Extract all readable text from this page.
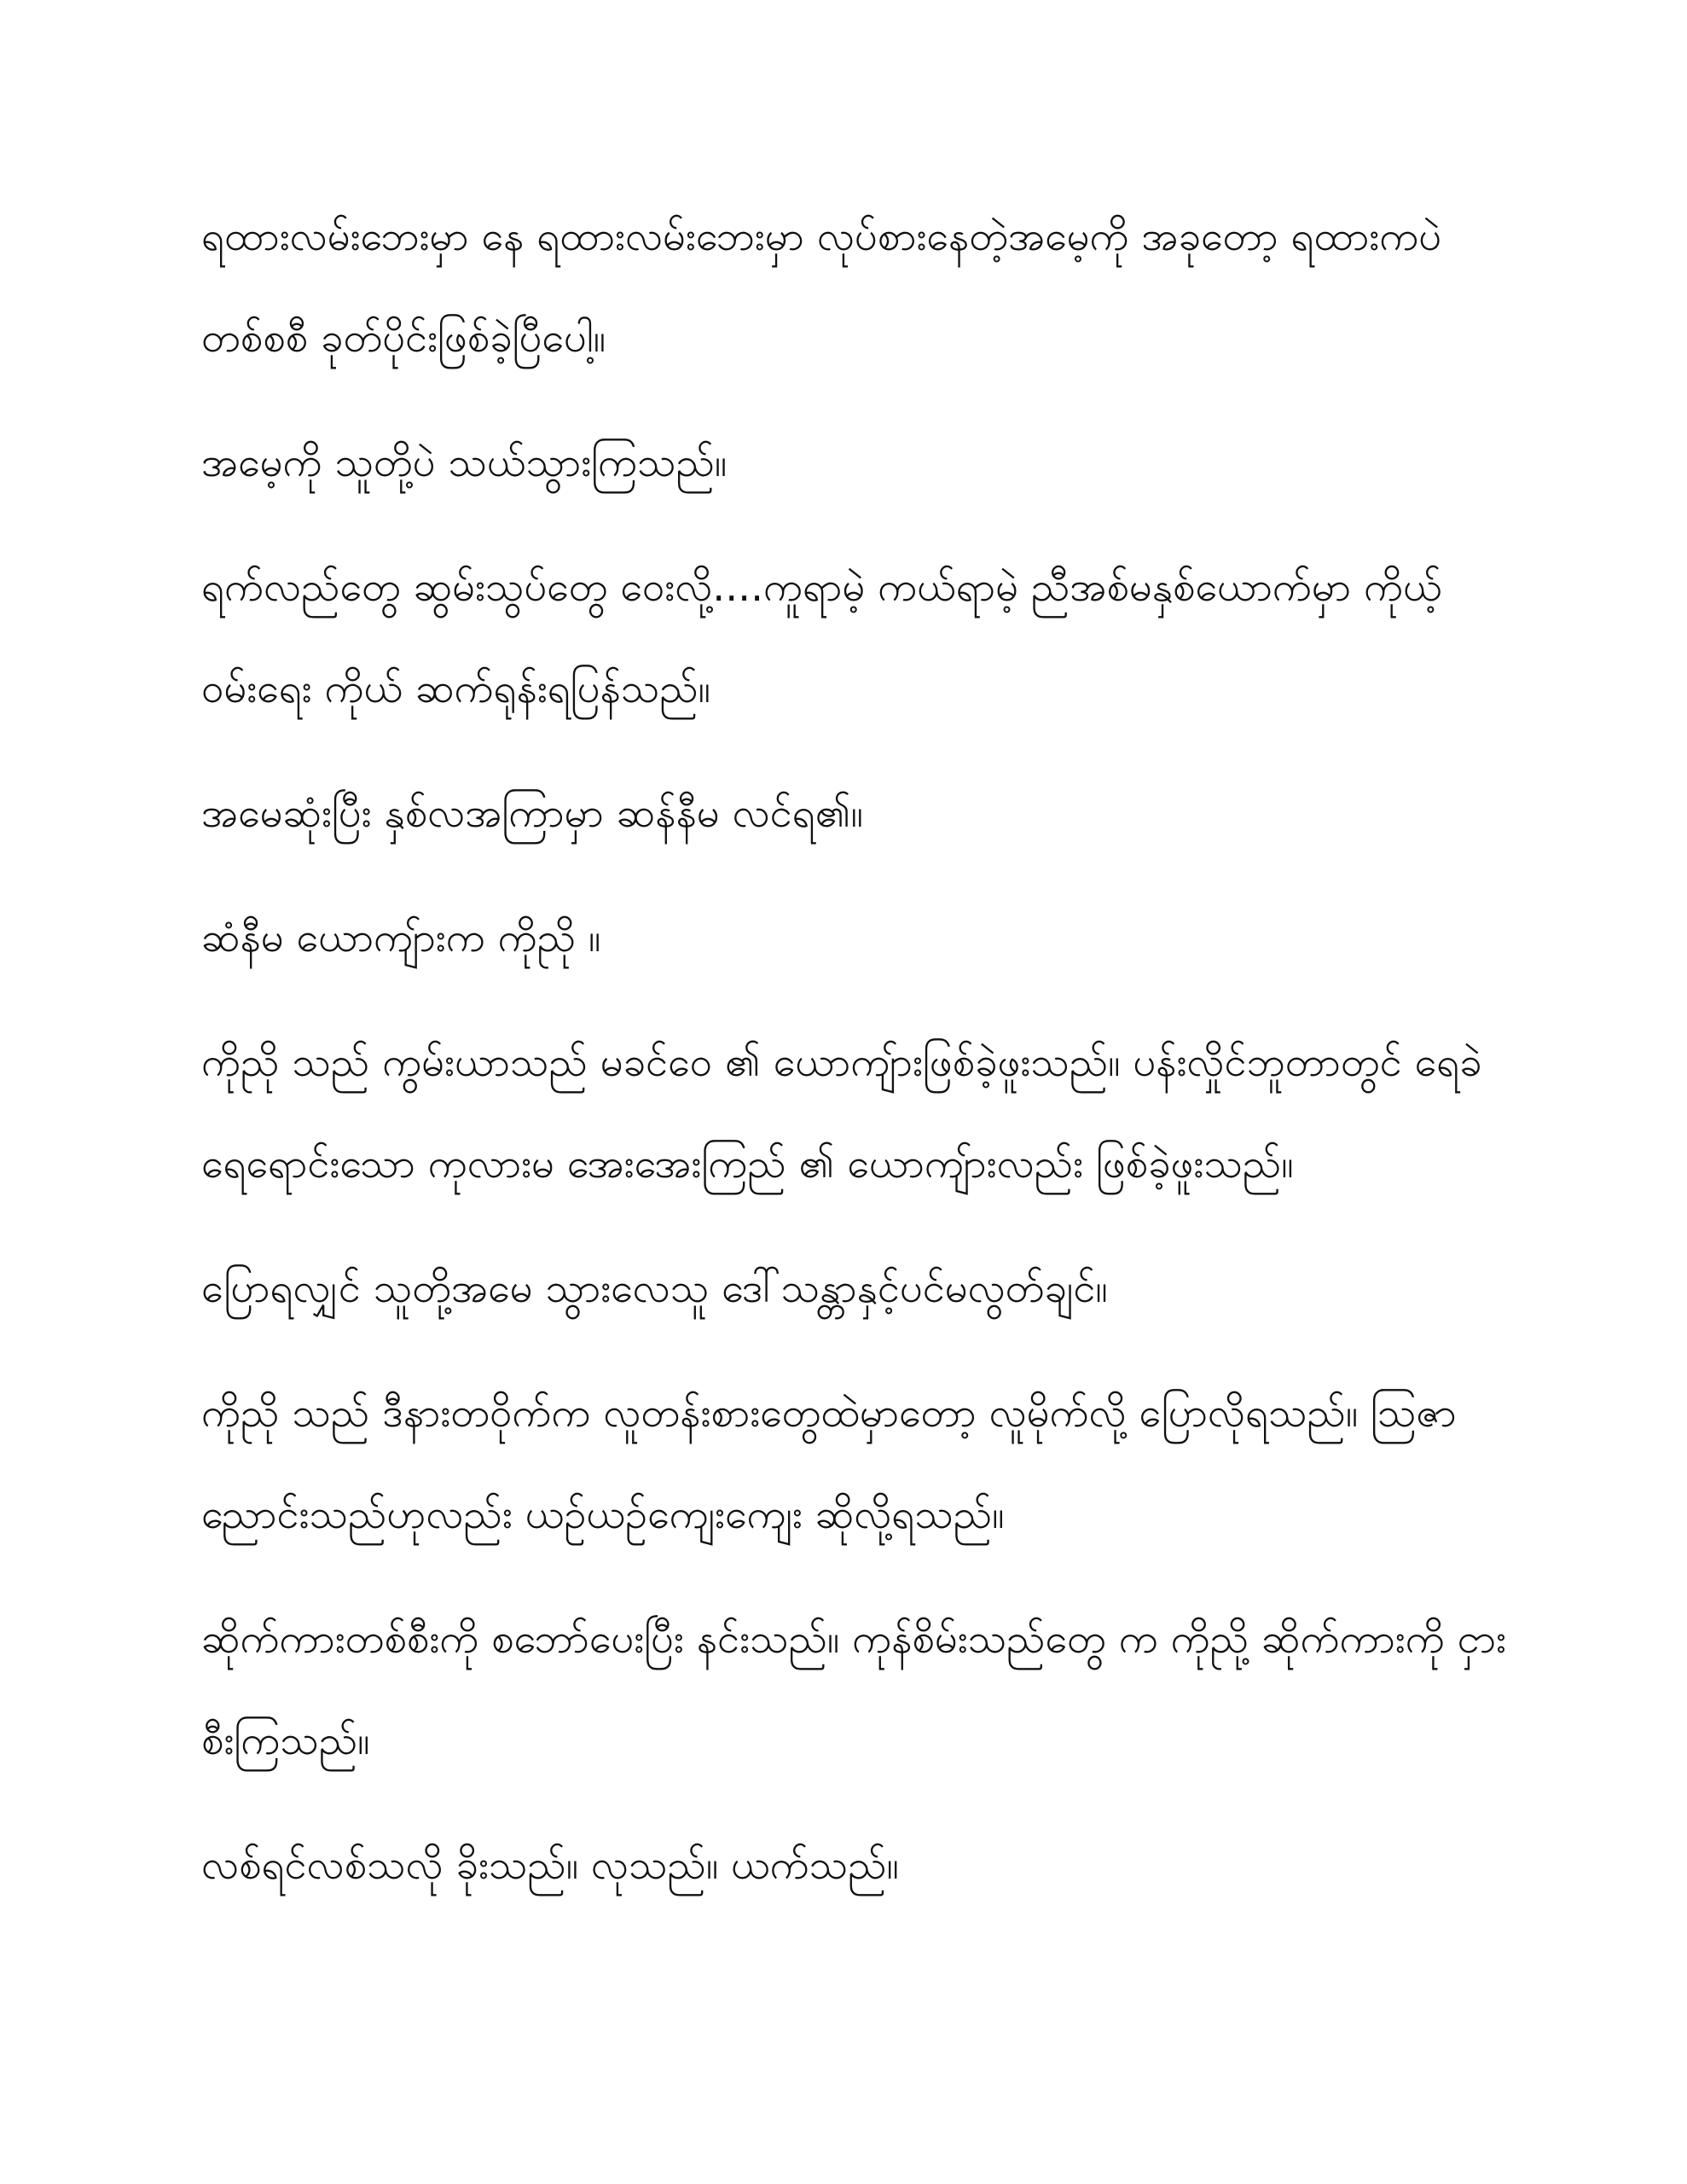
ရထားလမ်းဘေးမှာ နေ ရထားလမ်းဘေးမှာ လုပ်စားနေတဲ့အမေ့ကို အခုတော့ ရထားကပဲ တစ်စစီ ခုတ်ပိုင်းဖြစ်ခဲ့ပြီပေါ့။

အမေ့ကို သူတို့ပဲ သယ်သွားကြသည်။

ရက်လည်တွေ ဆွမ်းသွပ်တွေ ဝေးလို့....ကူရာမဲ့ ကယ်ရာမဲ့ ညီအစ်မနှစ်ယောက်မှာ ကိုယ့်ဝမ်းရေး ကိုယ် ဆက်ရုန်းရပြန်သည်။

အမေဆုံးပြီး နှစ်လအကြာမှာ ဆန်နီမ လင်ရ၏။

ဆံနီမ ယောကျ်ားက ကိုညို ။

ကိုညို သည် ကွမ်းယာသည် မခင်ဝေ ၏ ယောကျ်ားဖြစ်ခဲ့ဖူးသည်။ ပန်းလှိုင်ဘူတာတွင် ရေခဲရေရောင်းသော ကုလားမ အေးအေးကြည် ၏ ယောကျ်ားလည်း ဖြစ်ခဲ့ဖူးသည်။

ပြောရလျှင် သူတို့အမေ သွားလေသူ ဒေါ်သန္တာနှင့်ပင်မလွတ်ချင်။

ကိုညို သည် ဒီနားတဝိုက်က လူတန်းစားတွေထဲမှာတော့ လူမိုက်လို့ ပြောလိုရသည်။ သြဇာညောင်းသည်ဟုလည်း ယဉ်ယဉ်ကျေးကျေး ဆိုလို့ရသည်။

ဆိုက်ကားတစ်စီးကို စဘော်ပေးပြီး နင်းသည်။ ကုန်စိမ်းသည်တွေ က ကိုညို့ ဆိုက်ကားကို ငှားစီးကြသည်။

လစ်ရင်လစ်သလို ခိုးသည်။ လုသည်။ ယက်သည်။
